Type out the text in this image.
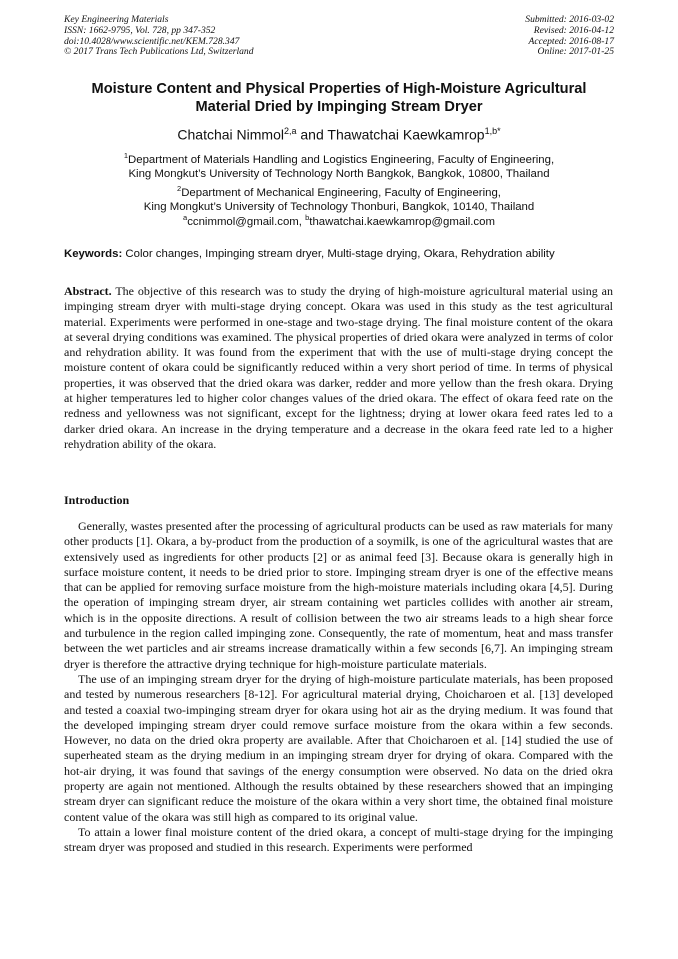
Key Engineering Materials
ISSN: 1662-9795, Vol. 728, pp 347-352
doi:10.4028/www.scientific.net/KEM.728.347
© 2017 Trans Tech Publications Ltd, Switzerland
Submitted: 2016-03-02
Revised: 2016-04-12
Accepted: 2016-08-17
Online: 2017-01-25
Moisture Content and Physical Properties of High-Moisture Agricultural
Material Dried by Impinging Stream Dryer
Chatchai Nimmol$^{2,a}$ and Thawatchai Kaewkamrop$^{1,b*}$
$^1$Department of Materials Handling and Logistics Engineering, Faculty of Engineering,
King Mongkut’s University of Technology North Bangkok, Bangkok, 10800, Thailand
$^2$Department of Mechanical Engineering, Faculty of Engineering,
King Mongkut’s University of Technology Thonburi, Bangkok, 10140, Thailand
$^a$ccnimmol@gmail.com, $^b$thawatchai.kaewkamrop@gmail.com
Keywords: Color changes, Impinging stream dryer, Multi-stage drying, Okara, Rehydration ability
Abstract. The objective of this research was to study the drying of high-moisture agricultural material using an impinging stream dryer with multi-stage drying concept. Okara was used in this study as the test agricultural material. Experiments were performed in one-stage and two-stage drying. The final moisture content of the okara at several drying conditions was examined. The physical properties of dried okara were analyzed in terms of color and rehydration ability. It was found from the experiment that with the use of multi-stage drying concept the moisture content of okara could be significantly reduced within a very short period of time. In terms of physical properties, it was observed that the dried okara was darker, redder and more yellow than the fresh okara. Drying at higher temperatures led to higher color changes values of the dried okara. The effect of okara feed rate on the redness and yellowness was not significant, except for the lightness; drying at lower okara feed rates led to a darker dried okara. An increase in the drying temperature and a decrease in the okara feed rate led to a higher rehydration ability of the okara.
Introduction

Generally, wastes presented after the processing of agricultural products can be used as raw materials for many other products [1]. Okara, a by-product from the production of a soymilk, is one of the agricultural wastes that are extensively used as ingredients for other products [2] or as animal feed [3]. Because okara is generally high in surface moisture content, it needs to be dried prior to store. Impinging stream dryer is one of the effective means that can be applied for removing surface moisture from the high-moisture materials including okara [4,5]. During the operation of impinging stream dryer, air stream containing wet particles collides with another air stream, which is in the opposite directions. A result of collision between the two air streams leads to a high shear force and turbulence in the region called impinging zone. Consequently, the rate of momentum, heat and mass transfer between the wet particles and air streams increase dramatically within a few seconds [6,7]. An impinging stream dryer is therefore the attractive drying technique for high-moisture particulate materials.

The use of an impinging stream dryer for the drying of high-moisture particulate materials, has been proposed and tested by numerous researchers [8-12]. For agricultural material drying, Choicharoen et al. [13] developed and tested a coaxial two-impinging stream dryer for okara using hot air as the drying medium. It was found that the developed impinging stream dryer could remove surface moisture from the okara within a few seconds. However, no data on the dried okra property are available. After that Choicharoen et al. [14] studied the use of superheated steam as the drying medium in an impinging stream dryer for drying of okara. Compared with the hot-air drying, it was found that savings of the energy consumption were observed. No data on the dried okra property are again not mentioned. Although the results obtained by these researchers showed that an impinging stream dryer can significant reduce the moisture of the okara within a very short time, the obtained final moisture content value of the okara was still high as compared to its original value.

To attain a lower final moisture content of the dried okara, a concept of multi-stage drying for the impinging stream dryer was proposed and studied in this research. Experiments were performed
